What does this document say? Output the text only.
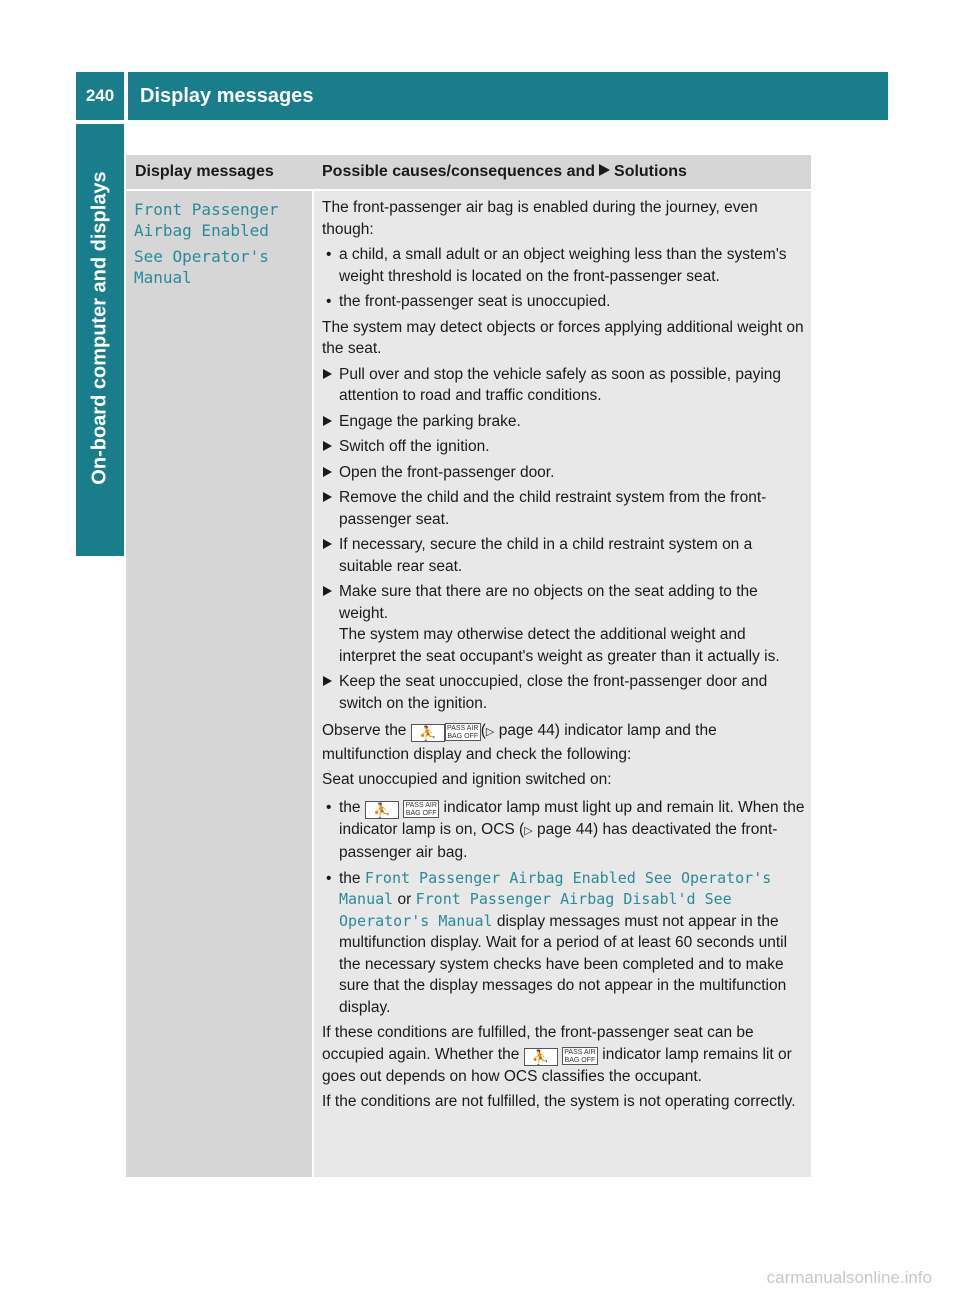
240	Display messages
On-board computer and displays Display messages	Possible causes/consequences and Solutions
Front Passenger Airbag Enabled
See Operator's Manual

The front-passenger air bag is enabled during the journey, even though:

• a child, a small adult or an object weighing less than the system's weight threshold is located on the front-passenger seat.
• the front-passenger seat is unoccupied.

The system may detect objects or forces applying additional weight on the seat.

Pull over and stop the vehicle safely as soon as possible, paying attention to road and traffic conditions.
Engage the parking brake.
Switch off the ignition.
Open the front-passenger door.
Remove the child and the child restraint system from the front-passenger seat.
If necessary, secure the child in a child restraint system on a suitable rear seat.
Make sure that there are no objects on the seat adding to the weight.
The system may otherwise detect the additional weight and interpret the seat occupant's weight as greater than it actually is.
Keep the seat unoccupied, close the front-passenger door and switch on the ignition.

Observe the ⛹ PASS AIR BAG OFF (▷ page 44) indicator lamp and the multifunction display and check the following:

Seat unoccupied and ignition switched on:

• the ⛹ PASS AIR BAG OFF indicator lamp must light up and remain lit. When the indicator lamp is on, OCS (▷ page 44) has deactivated the front-passenger air bag.
• the Front Passenger Airbag Enabled See Operator's Manual or Front Passenger Airbag Disabl'd See Operator's Manual display messages must not appear in the multifunction display. Wait for a period of at least 60 seconds until the necessary system checks have been completed and to make sure that the display messages do not appear in the multifunction display.

If these conditions are fulfilled, the front-passenger seat can be occupied again. Whether the ⛹ PASS AIR BAG OFF indicator lamp remains lit or goes out depends on how OCS classifies the occupant.

If the conditions are not fulfilled, the system is not operating correctly.

carmanualsonline.info
